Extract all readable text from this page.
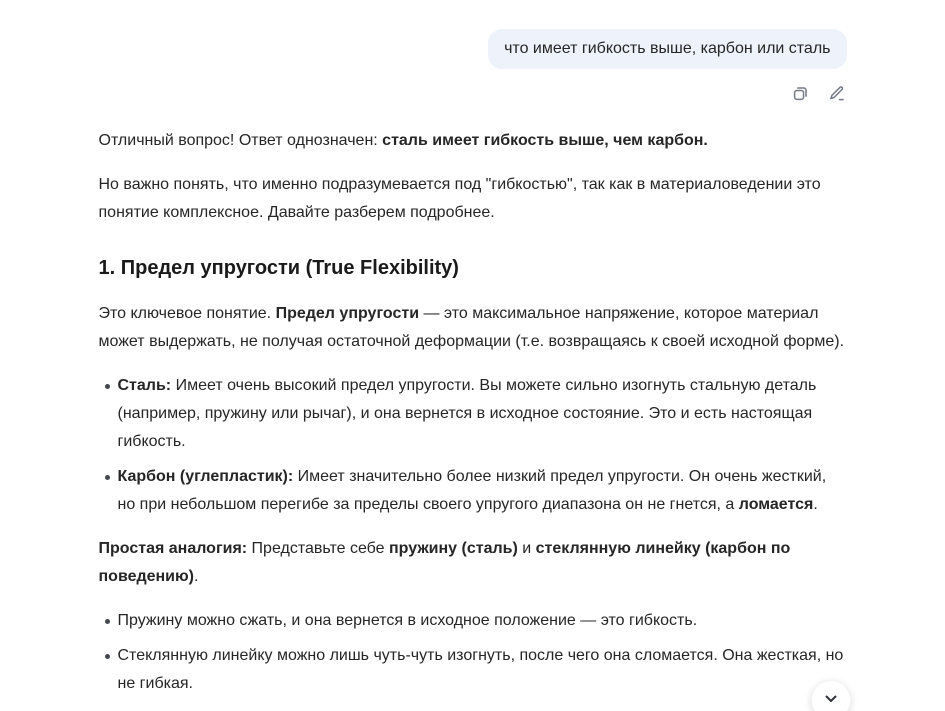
что имеет гибкость выше, карбон или сталь

Отличный вопрос! Ответ однозначен: сталь имеет гибкость выше, чем карбон.

Но важно понять, что именно подразумевается под "гибкостью", так как в материаловедении это понятие комплексное. Давайте разберем подробнее.

1. Предел упругости (True Flexibility)

Это ключевое понятие. Предел упругости — это максимальное напряжение, которое материал может выдержать, не получая остаточной деформации (т.е. возвращаясь к своей исходной форме).

Сталь: Имеет очень высокий предел упругости. Вы можете сильно изогнуть стальную деталь (например, пружину или рычаг), и она вернется в исходное состояние. Это и есть настоящая гибкость.
Карбон (углепластик): Имеет значительно более низкий предел упругости. Он очень жесткий, но при небольшом перегибе за пределы своего упругого диапазона он не гнется, а ломается.

Простая аналогия: Представьте себе пружину (сталь) и стеклянную линейку (карбон по поведению).

Пружину можно сжать, и она вернется в исходное положение — это гибкость.
Стеклянную линейку можно лишь чуть-чуть изогнуть, после чего она сломается. Она жесткая, но не гибкая.
